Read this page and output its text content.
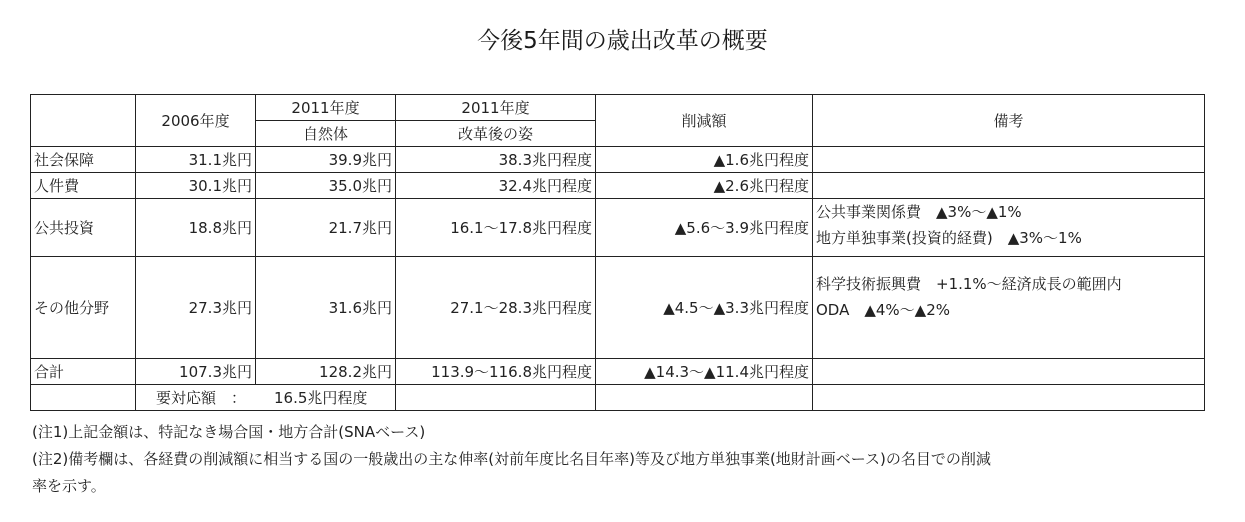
今後5年間の歳出改革の概要
	2006年度	2011年度	2011年度	削減額	備考
		自然体	改革後の姿		
社会保障	31.1兆円	39.9兆円	38.3兆円程度	▲1.6兆円程度	
人件費	30.1兆円	35.0兆円	32.4兆円程度	▲2.6兆円程度	
公共投資	18.8兆円	21.7兆円	16.1～17.8兆円程度	▲5.6～3.9兆円程度	公共事業関係費　▲3%～▲1%
地方単独事業(投資的経費)　▲3%～1%

その他分野	27.3兆円	31.6兆円	27.1～28.3兆円程度	▲4.5～▲3.3兆円程度	科学技術振興費　+1.1%～経済成長の範囲内
ODA　▲4%～▲2%

合計	107.3兆円	128.2兆円	113.9～116.8兆円程度	▲14.3～▲11.4兆円程度	
	要対応額　： 16.5兆円程度				
(注1)上記金額は、特記なき場合国・地方合計(SNAベース)
(注2)備考欄は、各経費の削減額に相当する国の一般歳出の主な伸率(対前年度比名目年率)等及び地方単独事業(地財計画ベース)の名目での削減
率を示す。
